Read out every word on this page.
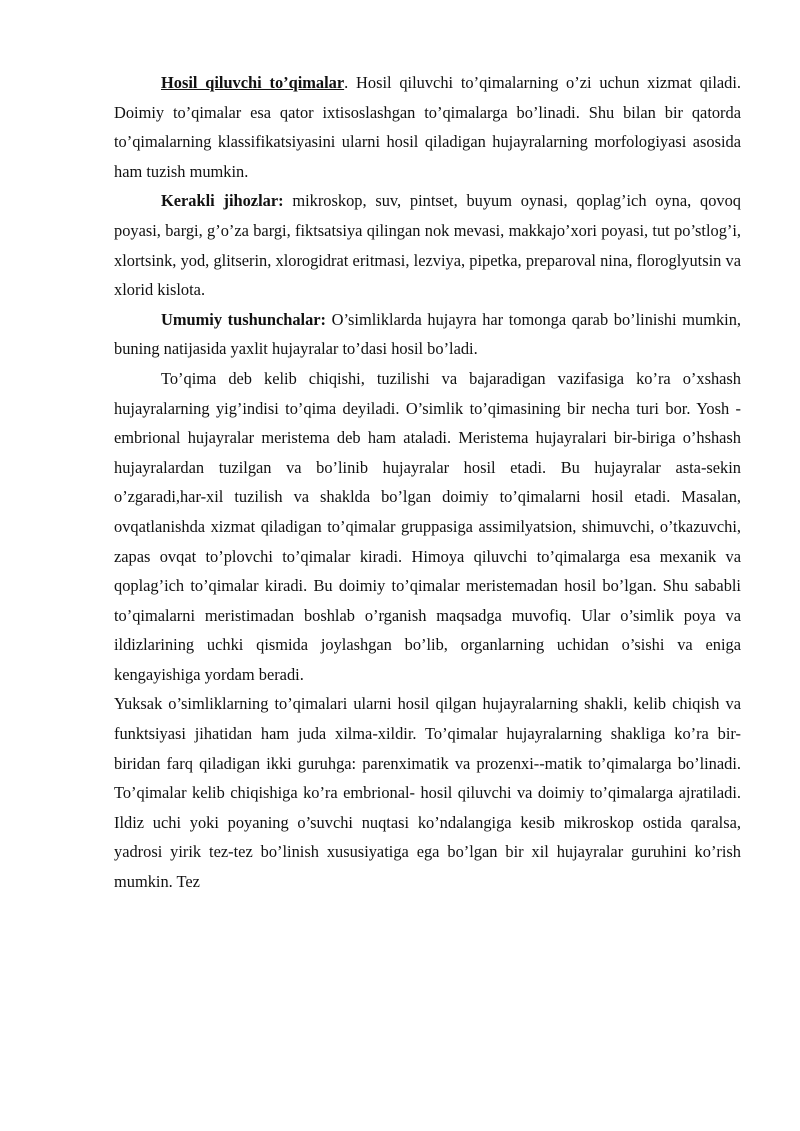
Hosil qiluvchi to’qimalar. Hosil qiluvchi to’qimalarning o’zi uchun xizmat qiladi. Doimiy to’qimalar esa qator ixtisoslashgan to’qimalarga bo’linadi. Shu bilan bir qatorda to’qimalarning klassifikatsiyasini ularni hosil qiladigan hujayralarning morfologiyasi asosida ham tuzish mumkin.

Kerakli jihozlar: mikroskop, suv, pintset, buyum oynasi, qoplag’ich oyna, qovoq poyasi, bargi, g’o’za bargi, fiktsatsiya qilingan nok mevasi, makkajo’xori poyasi, tut po’stlog’i, xlortsink, yod, glitserin, xlorogidrat eritmasi, lezviya, pipetka, preparoval nina, floroglyutsin va xlorid kislota.

Umumiy tushunchalar: O’simliklarda hujayra har tomonga qarab bo’linishi mumkin, buning natijasida yaxlit hujayralar to’dasi hosil bo’ladi.

To’qima deb kelib chiqishi, tuzilishi va bajaradigan vazifasiga ko’ra o’xshash hujayralarning yig’indisi to’qima deyiladi. O’simlik to’qimasining bir necha turi bor. Yosh -embrional hujayralar meristema deb ham ataladi. Meristema hujayralari bir-biriga o’hshash hujayralardan tuzilgan va bo’linib hujayralar hosil etadi. Bu hujayralar asta-sekin o’zgaradi,har-xil tuzilish va shaklda bo’lgan doimiy to’qimalarni hosil etadi. Masalan, ovqatlanishda xizmat qiladigan to’qimalar gruppasiga assimilyatsion, shimuvchi, o’tkazuvchi, zapas ovqat to’plovchi to’qimalar kiradi. Himoya qiluvchi to’qimalarga esa mexanik va qoplag’ich to’qimalar kiradi. Bu doimiy to’qimalar meristemadan hosil bo’lgan. Shu sababli to’qimalarni meristimadan boshlab o’rganish maqsadga muvofiq. Ular o’simlik poya va ildizlarining uchki qismida joylashgan bo’lib, organlarning uchidan o’sishi va eniga kengayishiga yordam beradi.

Yuksak o’simliklarning to’qimalari ularni hosil qilgan hujayralarning shakli, kelib chiqish va funktsiyasi jihatidan ham juda xilma-xildir. To’qimalar hujayralarning shakliga ko’ra bir- biridan farq qiladigan ikki guruhga: parenximatik va prozenxi--matik to’qimalarga bo’linadi. To’qimalar kelib chiqishiga ko’ra embrional- hosil qiluvchi va doimiy to’qimalarga ajratiladi. Ildiz uchi yoki poyaning o’suvchi nuqtasi ko’ndalangiga kesib mikroskop ostida qaralsa, yadrosi yirik tez-tez bo’linish xususiyatiga ega bo’lgan bir xil hujayralar guruhini ko’rish mumkin. Tez
